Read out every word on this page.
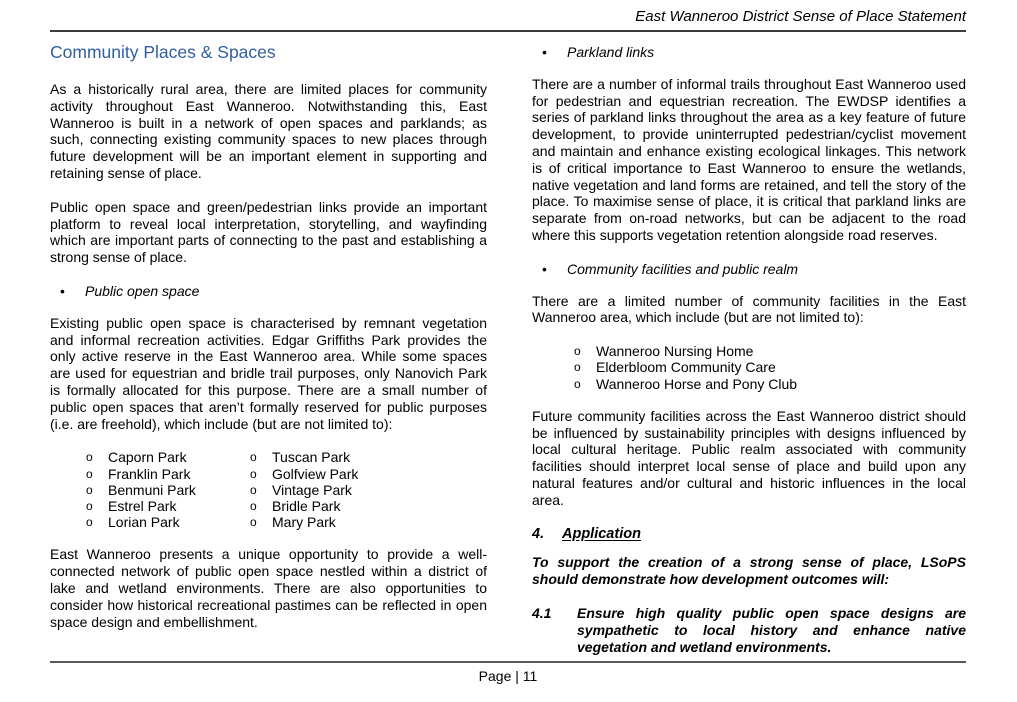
East Wanneroo District Sense of Place Statement
Community Places & Spaces

As a historically rural area, there are limited places for community activity throughout East Wanneroo. Notwithstanding this, East Wanneroo is built in a network of open spaces and parklands; as such, connecting existing community spaces to new places through future development will be an important element in supporting and retaining sense of place.

Public open space and green/pedestrian links provide an important platform to reveal local interpretation, storytelling, and wayfinding which are important parts of connecting to the past and establishing a strong sense of place.

•
Public open space

Existing public open space is characterised by remnant vegetation and informal recreation activities. Edgar Griffiths Park provides the only active reserve in the East Wanneroo area. While some spaces are used for equestrian and bridle trail purposes, only Nanovich Park is formally allocated for this purpose. There are a small number of public open spaces that aren’t formally reserved for public purposes (i.e. are freehold), which include (but are not limited to):

o
Caporn Park
o
Franklin Park
o
Benmuni Park
o
Estrel Park
o
Lorian Park
o
Tuscan Park
o
Golfview Park
o
Vintage Park
o
Bridle Park
o
Mary Park

East Wanneroo presents a unique opportunity to provide a well-connected network of public open space nestled within a district of lake and wetland environments. There are also opportunities to consider how historical recreational pastimes can be reflected in open space design and embellishment.

•
Parkland links

There are a number of informal trails throughout East Wanneroo used for pedestrian and equestrian recreation. The EWDSP identifies a series of parkland links throughout the area as a key feature of future development, to provide uninterrupted pedestrian/cyclist movement and maintain and enhance existing ecological linkages. This network is of critical importance to East Wanneroo to ensure the wetlands, native vegetation and land forms are retained, and tell the story of the place. To maximise sense of place, it is critical that parkland links are separate from on-road networks, but can be adjacent to the road where this supports vegetation retention alongside road reserves.

•
Community facilities and public realm

There are a limited number of community facilities in the East Wanneroo area, which include (but are not limited to):

o
Wanneroo Nursing Home
o
Elderbloom Community Care
o
Wanneroo Horse and Pony Club

Future community facilities across the East Wanneroo district should be influenced by sustainability principles with designs influenced by local cultural heritage. Public realm associated with community facilities should interpret local sense of place and build upon any natural features and/or cultural and historic influences in the local area.

4.	Application

To support the creation of a strong sense of place, LSoPS should demonstrate how development outcomes will:

4.1	Ensure high quality public open space designs are sympathetic to local history and enhance native vegetation and wetland environments.

Page | 11
